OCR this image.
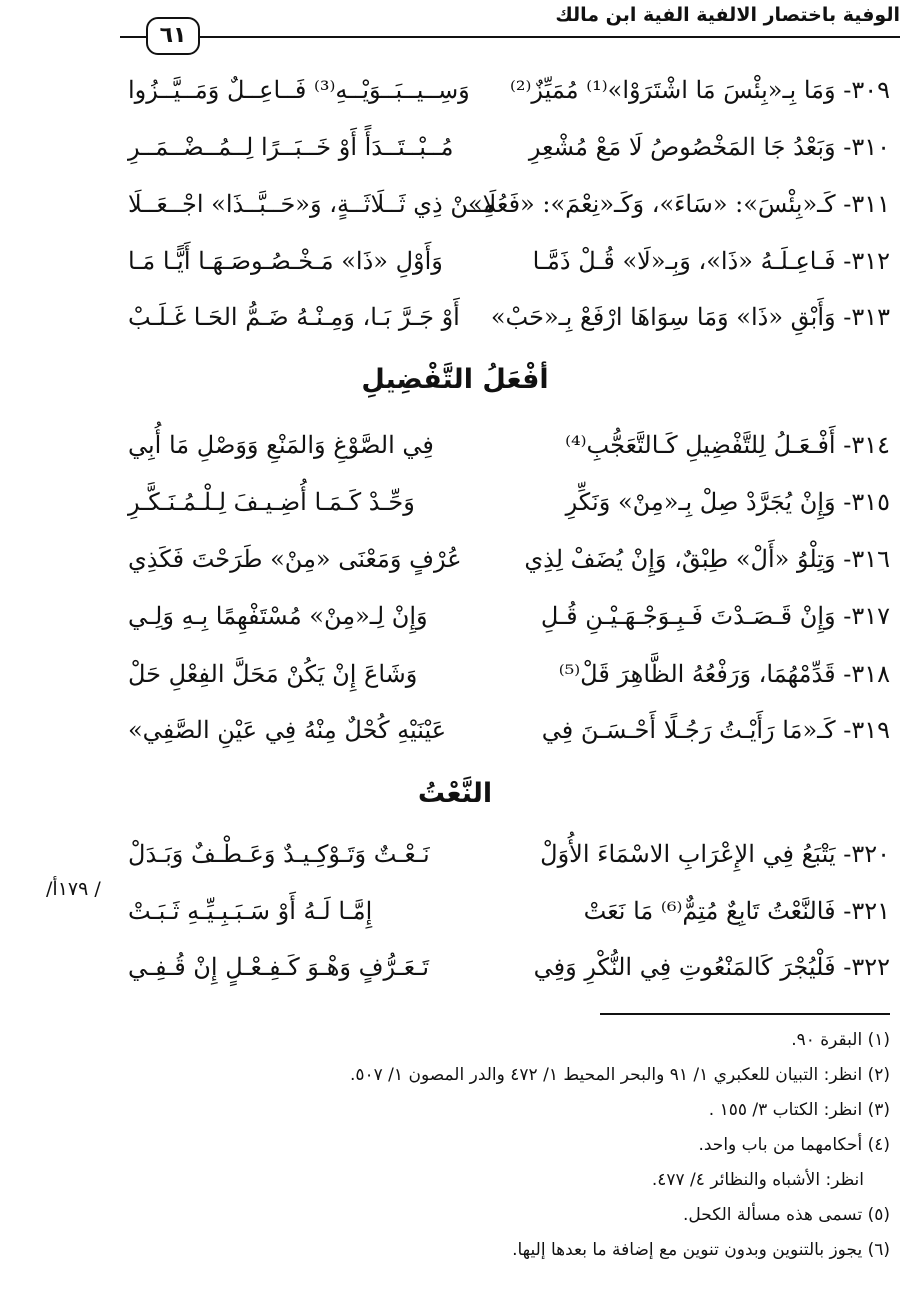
الوفية باختصار الالفية الفية ابن مالك
٦١
٣٠٩- وَمَا بِـ«بِئْسَ مَا اشْتَرَوْا»⁽¹⁾ مُمَيِّزٌ⁽²⁾
وَسِــيــبَــوَيْــهِ⁽³⁾ فَــاعِــلٌ وَمَــيَّــزُوا
٣١٠- وَبَعْدُ جَا المَخْصُوصُ لَا مَعْ مُشْعِرِ
مُــبْــتَــدَأً أَوْ خَــبَــرًا لِــمُــضْــمَــرِ
٣١١- كَـ«بِئْسَ»: «سَاءَ»، وَكَـ«نِعْمَ»: «فَعُلَا»
مِــنْ ذِي ثَــلَاثَــةٍ، وَ«حَــبَّــذَا» اجْــعَــلَا
٣١٢- فَـاعِـلَـهُ «ذَا»، وَبِـ«لَا» قُـلْ ذَمَّـا
وَأَوْلِ «ذَا» مَـخْـصُـوصَـهَـا أَيًّـا مَـا
٣١٣- وَأَبْقِ «ذَا» وَمَا سِوَاهَا ارْفَعْ بِـ«حَبْ»
أَوْ جَـرَّ بَـا، وَمِـنْـهُ ضَـمُّ الحَـا غَـلَـبْ
أفْعَلُ التَّفْضِيلِ
٣١٤- أَفْـعَـلُ لِلتَّفْضِيلِ كَـالتَّعَجُّبِ⁽⁴⁾
فِي الصَّوْغِ وَالمَنْعِ وَوَصْلِ مَا أُبِي
٣١٥- وَإِنْ يُجَرَّدْ صِلْ بِـ«مِنْ» وَنَكِّرِ
وَحِّـدْ كَـمَـا أُضِـيـفَ لِـلْـمُـنَـكَّـرِ
٣١٦- وَتِلْوُ «أَلْ» طِبْقٌ، وَإِنْ يُضَفْ لِذِي
عُرْفٍ وَمَعْنَى «مِنْ» طَرَحْتَ فَكَذِي
٣١٧- وَإِنْ قَـصَـدْتَ فَـبِـوَجْـهَـيْـنِ قُـلِ
وَإِنْ لِـ«مِنْ» مُسْتَفْهِمًا بِـهِ وَلِـي
٣١٨- قَدِّمْهُمَا، وَرَفْعُهُ الظَّاهِرَ قَلْ⁽⁵⁾
وَشَاعَ إِنْ يَكُنْ مَحَلَّ الفِعْلِ حَلْ
٣١٩- كَـ«مَا رَأَيْـتُ رَجُـلًا أَحْـسَـنَ فِي
عَيْنَيْهِ كُحْلٌ مِنْهُ فِي عَيْنِ الصَّفِي»
النَّعْتُ
٣٢٠- يَتْبَعُ فِي الإِعْرَابِ الاسْمَاءَ الأُوَلْ
نَـعْـتٌ وَتَـوْكِـيـدٌ وَعَـطْـفٌ وَبَـدَلْ
٣٢١- فَالنَّعْتُ تَابِعٌ مُتِمٌّ⁽⁶⁾ مَا نَعَتْ
إِمَّـا لَـهُ أَوْ سَـبَـبِـيِّـهِ ثَـبَـتْ
٣٢٢- فَلْيُجْرَ كَالمَنْعُوتِ فِي النُّكْرِ وَفِي
تَـعَـرُّفٍ وَهْـوَ كَـفِـعْـلٍ إِنْ قُـفِـي
/ ١٧٩أ/
(١) البقرة ٩٠.
(٢) انظر: التبيان للعكبري ١/ ٩١ والبحر المحيط ١/ ٤٧٢ والدر المصون ١/ ٥٠٧.
(٣) انظر: الكتاب ٣/ ١٥٥ .
(٤) أحكامهما من باب واحد.
انظر: الأشباه والنظائر ٤/ ٤٧٧.
(٥) تسمى هذه مسألة الكحل.
(٦) يجوز بالتنوين وبدون تنوين مع إضافة ما بعدها إليها.
